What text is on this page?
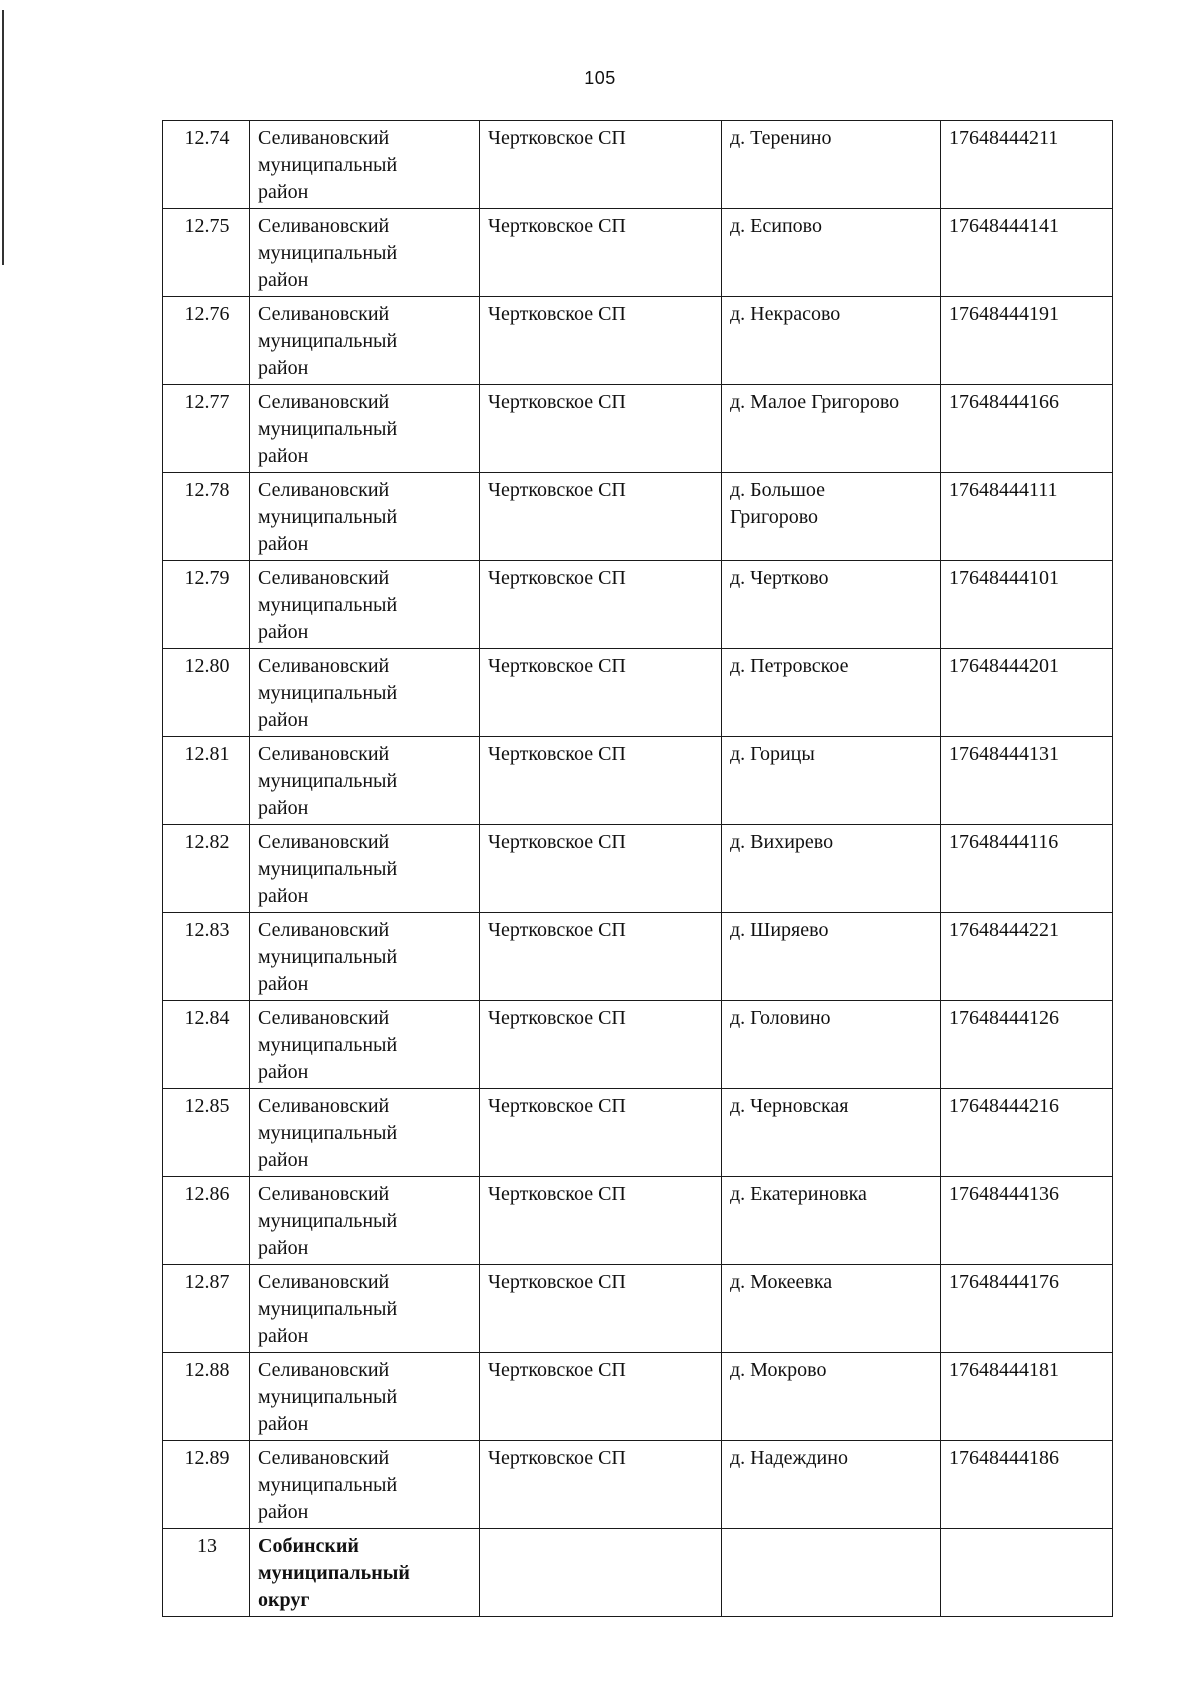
105
12.74	Селивановский
муниципальный
район	Чертковское СП	д. Теренино	17648444211
12.75	Селивановский
муниципальный
район	Чертковское СП	д. Есипово	17648444141
12.76	Селивановский
муниципальный
район	Чертковское СП	д. Некрасово	17648444191
12.77	Селивановский
муниципальный
район	Чертковское СП	д. Малое Григорово	17648444166
12.78	Селивановский
муниципальный
район	Чертковское СП	д. Большое
Григорово	17648444111
12.79	Селивановский
муниципальный
район	Чертковское СП	д. Чертково	17648444101
12.80	Селивановский
муниципальный
район	Чертковское СП	д. Петровское	17648444201
12.81	Селивановский
муниципальный
район	Чертковское СП	д. Горицы	17648444131
12.82	Селивановский
муниципальный
район	Чертковское СП	д. Вихирево	17648444116
12.83	Селивановский
муниципальный
район	Чертковское СП	д. Ширяево	17648444221
12.84	Селивановский
муниципальный
район	Чертковское СП	д. Головино	17648444126
12.85	Селивановский
муниципальный
район	Чертковское СП	д. Черновская	17648444216
12.86	Селивановский
муниципальный
район	Чертковское СП	д. Екатериновка	17648444136
12.87	Селивановский
муниципальный
район	Чертковское СП	д. Мокеевка	17648444176
12.88	Селивановский
муниципальный
район	Чертковское СП	д. Мокрово	17648444181
12.89	Селивановский
муниципальный
район	Чертковское СП	д. Надеждино	17648444186
13	Собинский
муниципальный
округ			
